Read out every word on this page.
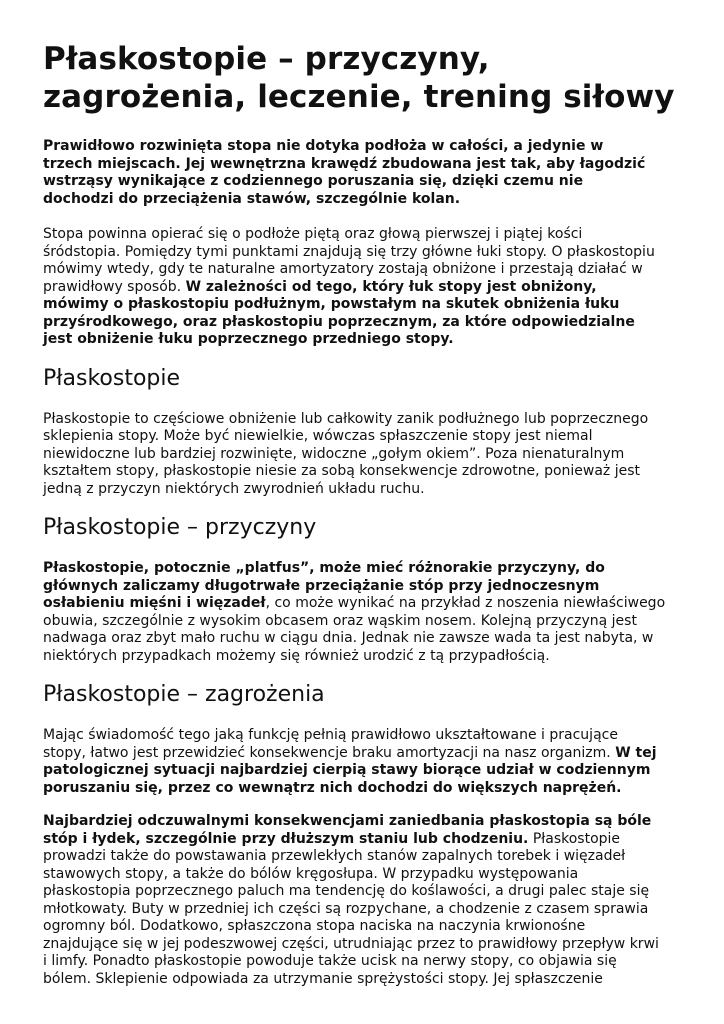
Płaskostopie – przyczyny,
zagrożenia, leczenie, trening siłowy

Prawidłowo rozwinięta stopa nie dotyka podłoża w całości, a jedynie w
trzech miejscach. Jej wewnętrzna krawędź zbudowana jest tak, aby łagodzić
wstrząsy wynikające z codziennego poruszania się, dzięki czemu nie
dochodzi do przeciążenia stawów, szczególnie kolan.

Stopa powinna opierać się o podłoże piętą oraz głową pierwszej i piątej kości
śródstopia. Pomiędzy tymi punktami znajdują się trzy główne łuki stopy. O płaskostopiu
mówimy wtedy, gdy te naturalne amortyzatory zostają obniżone i przestają działać w
prawidłowy sposób. W zależności od tego, który łuk stopy jest obniżony,
mówimy o płaskostopiu podłużnym, powstałym na skutek obniżenia łuku
przyśrodkowego, oraz płaskostopiu poprzecznym, za które odpowiedzialne
jest obniżenie łuku poprzecznego przedniego stopy.

Płaskostopie

Płaskostopie to częściowe obniżenie lub całkowity zanik podłużnego lub poprzecznego
sklepienia stopy. Może być niewielkie, wówczas spłaszczenie stopy jest niemal
niewidoczne lub bardziej rozwinięte, widoczne „gołym okiem”. Poza nienaturalnym
kształtem stopy, płaskostopie niesie za sobą konsekwencje zdrowotne, ponieważ jest
jedną z przyczyn niektórych zwyrodnień układu ruchu.

Płaskostopie – przyczyny

Płaskostopie, potocznie „platfus”, może mieć różnorakie przyczyny, do
głównych zaliczamy długotrwałe przeciążanie stóp przy jednoczesnym
osłabieniu mięśni i więzadeł, co może wynikać na przykład z noszenia niewłaściwego
obuwia, szczególnie z wysokim obcasem oraz wąskim nosem. Kolejną przyczyną jest
nadwaga oraz zbyt mało ruchu w ciągu dnia. Jednak nie zawsze wada ta jest nabyta, w
niektórych przypadkach możemy się również urodzić z tą przypadłością.

Płaskostopie – zagrożenia

Mając świadomość tego jaką funkcję pełnią prawidłowo ukształtowane i pracujące
stopy, łatwo jest przewidzieć konsekwencje braku amortyzacji na nasz organizm. W tej
patologicznej sytuacji najbardziej cierpią stawy biorące udział w codziennym
poruszaniu się, przez co wewnątrz nich dochodzi do większych naprężeń.

Najbardziej odczuwalnymi konsekwencjami zaniedbania płaskostopia są bóle
stóp i łydek, szczególnie przy dłuższym staniu lub chodzeniu. Płaskostopie
prowadzi także do powstawania przewlekłych stanów zapalnych torebek i więzadeł
stawowych stopy, a także do bólów kręgosłupa. W przypadku występowania
płaskostopia poprzecznego paluch ma tendencję do koślawości, a drugi palec staje się
młotkowaty. Buty w przedniej ich części są rozpychane, a chodzenie z czasem sprawia
ogromny ból. Dodatkowo, spłaszczona stopa naciska na naczynia krwionośne
znajdujące się w jej podeszwowej części, utrudniając przez to prawidłowy przepływ krwi
i limfy. Ponadto płaskostopie powoduje także ucisk na nerwy stopy, co objawia się
bólem. Sklepienie odpowiada za utrzymanie sprężystości stopy. Jej spłaszczenie
